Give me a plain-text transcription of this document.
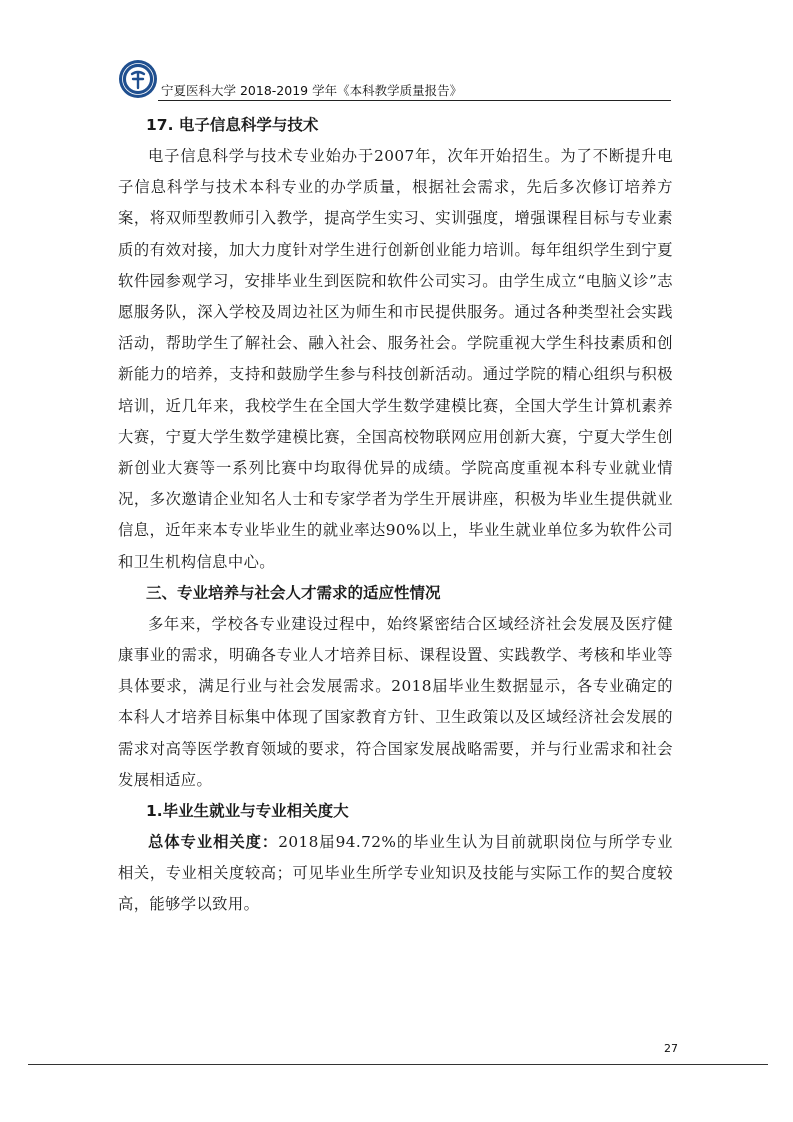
宁夏医科大学 2018-2019 学年《本科教学质量报告》
17. 电子信息科学与技术

电子信息科学与技术专业始办于2007年，次年开始招生。为了不断提升电子信息科学与技术本科专业的办学质量，根据社会需求，先后多次修订培养方案，将双师型教师引入教学，提高学生实习、实训强度，增强课程目标与专业素质的有效对接，加大力度针对学生进行创新创业能力培训。每年组织学生到宁夏软件园参观学习，安排毕业生到医院和软件公司实习。由学生成立“电脑义诊”志愿服务队，深入学校及周边社区为师生和市民提供服务。通过各种类型社会实践活动，帮助学生了解社会、融入社会、服务社会。学院重视大学生科技素质和创新能力的培养，支持和鼓励学生参与科技创新活动。通过学院的精心组织与积极培训，近几年来，我校学生在全国大学生数学建模比赛，全国大学生计算机素养大赛，宁夏大学生数学建模比赛，全国高校物联网应用创新大赛，宁夏大学生创新创业大赛等一系列比赛中均取得优异的成绩。学院高度重视本科专业就业情况，多次邀请企业知名人士和专家学者为学生开展讲座，积极为毕业生提供就业信息，近年来本专业毕业生的就业率达90%以上，毕业生就业单位多为软件公司和卫生机构信息中心。

三、专业培养与社会人才需求的适应性情况

多年来，学校各专业建设过程中，始终紧密结合区域经济社会发展及医疗健康事业的需求，明确各专业人才培养目标、课程设置、实践教学、考核和毕业等具体要求，满足行业与社会发展需求。2018届毕业生数据显示，各专业确定的本科人才培养目标集中体现了国家教育方针、卫生政策以及区域经济社会发展的需求对高等医学教育领域的要求，符合国家发展战略需要，并与行业需求和社会发展相适应。

1.毕业生就业与专业相关度大

总体专业相关度：2018届94.72%的毕业生认为目前就职岗位与所学专业相关，专业相关度较高；可见毕业生所学专业知识及技能与实际工作的契合度较高，能够学以致用。

27
